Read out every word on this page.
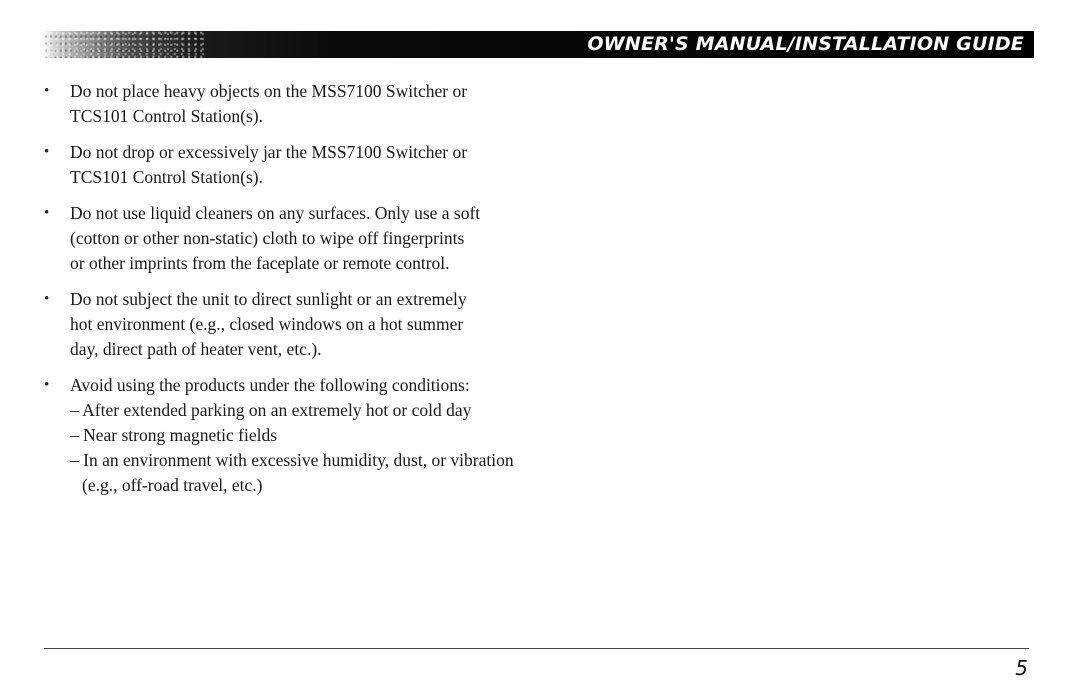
OWNER'S MANUAL/INSTALLATION GUIDE
• Do not place heavy objects on the MSS7100 Switcher or
TCS101 Control Station(s).
• Do not drop or excessively jar the MSS7100 Switcher or
TCS101 Control Station(s).
• Do not use liquid cleaners on any surfaces. Only use a soft
(cotton or other non-static) cloth to wipe off fingerprints
or other imprints from the faceplate or remote control.
• Do not subject the unit to direct sunlight or an extremely
hot environment (e.g., closed windows on a hot summer
day, direct path of heater vent, etc.).
• Avoid using the products under the following conditions:
– After extended parking on an extremely hot or cold day
– Near strong magnetic fields
– In an environment with excessive humidity, dust, or vibration (e.g., off-road travel, etc.)
5
